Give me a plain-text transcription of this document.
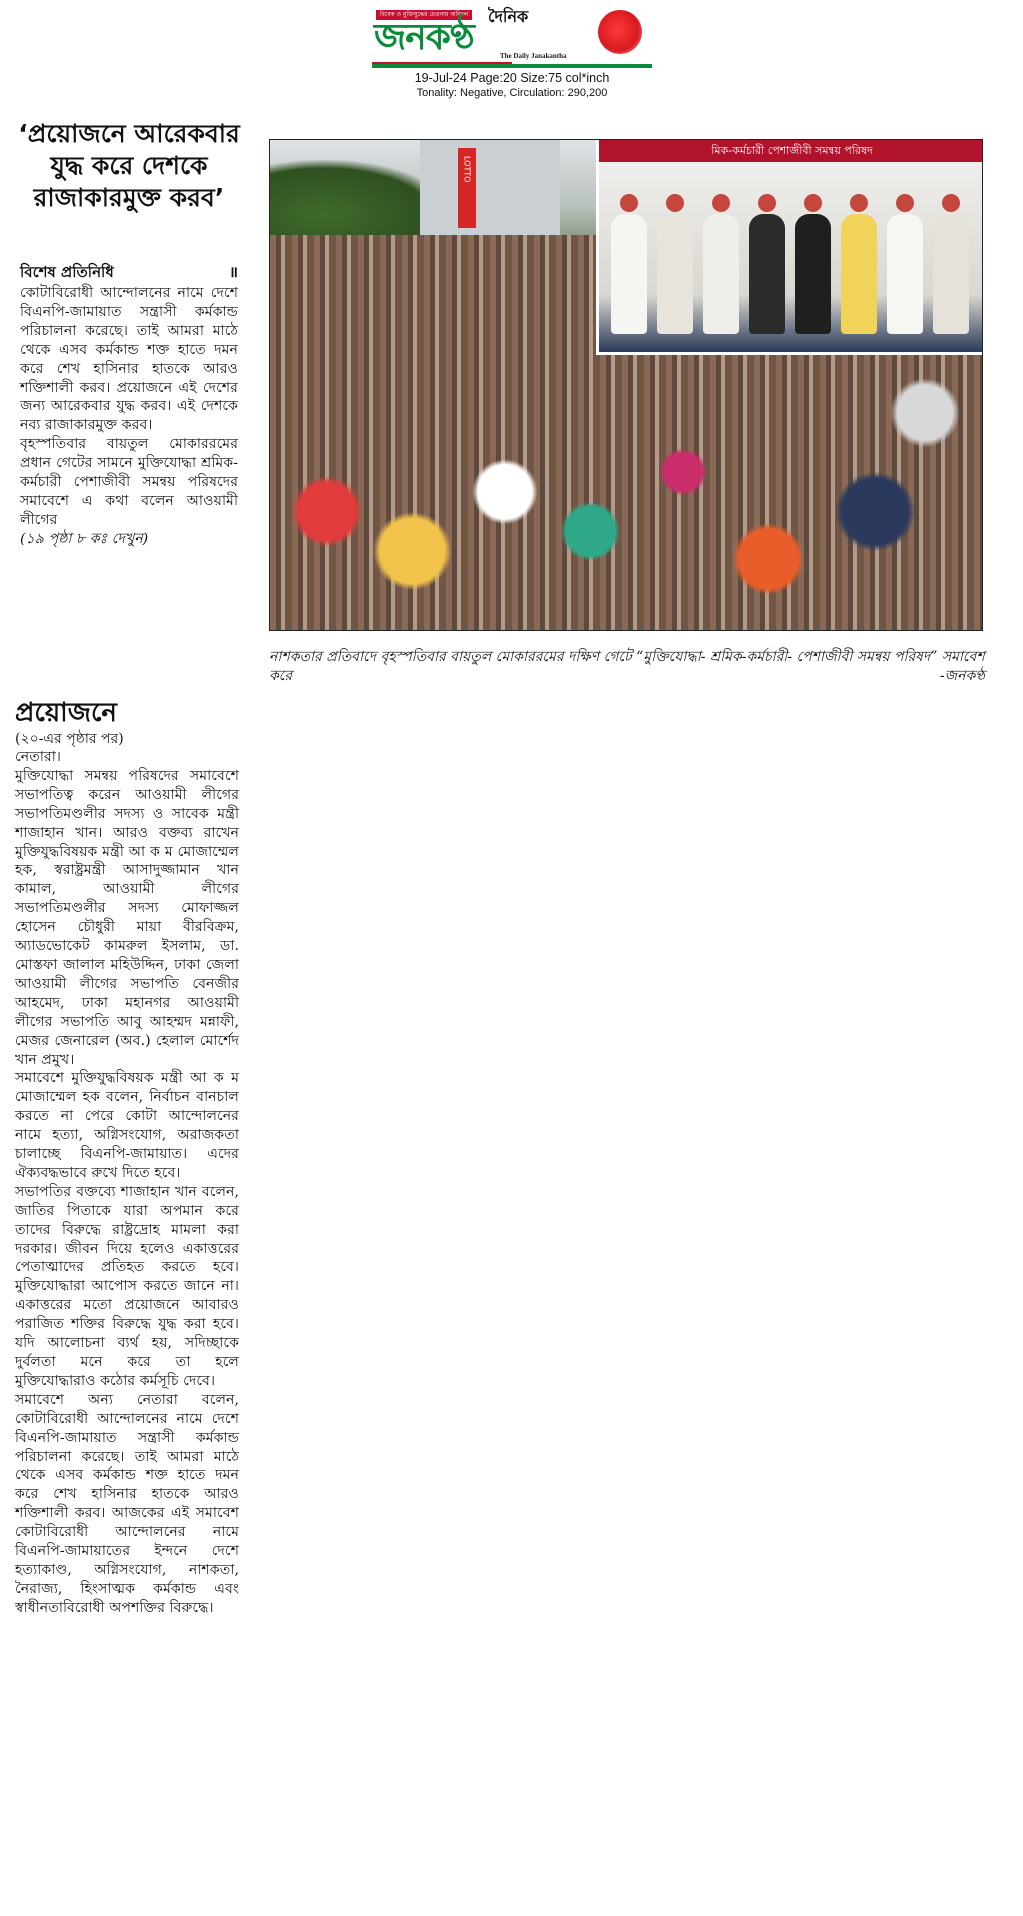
বিবেক ও মুক্তিযুদ্ধের চেতনায় অবিচল দৈনিক
জনকণ্ঠ	The Daily Janakantha
19-Jul-24 Page:20 Size:75 col*inch
Tonality: Negative, Circulation: 290,200
‘প্রয়োজনে আরেকবার যুদ্ধ করে দেশকে রাজাকারমুক্ত করব’
বিশেষ প্রতিনিধি	॥

কোটাবিরোধী আন্দোলনের নামে দেশে বিএনপি-জামায়াত সন্ত্রাসী কর্মকান্ড পরিচালনা করেছে। তাই আমরা মাঠে থেকে এসব কর্মকান্ড শক্ত হাতে দমন করে শেখ হাসিনার হাতকে আরও শক্তিশালী করব। প্রয়োজনে এই দেশের জন্য আরেকবার যুদ্ধ করব। এই দেশকে নব্য রাজাকারমুক্ত করব।

বৃহস্পতিবার বায়তুল মোকাররমের প্রধান গেটের সামনে মুক্তিযোদ্ধা শ্রমিক-কর্মচারী পেশাজীবী সমন্বয় পরিষদের সমাবেশে এ কথা বলেন আওয়ামী লীগের

(১৯ পৃষ্ঠা ৮ কঃ দেখুন)

প্রয়োজনে
(২০-এর পৃষ্ঠার পর)

নেতারা।

মুক্তিযোদ্ধা সমন্বয় পরিষদের সমাবেশে সভাপতিত্ব করেন আওয়ামী লীগের সভাপতিমণ্ডলীর সদস্য ও সাবেক মন্ত্রী শাজাহান খান। আরও বক্তব্য রাখেন মুক্তিযুদ্ধবিষয়ক মন্ত্রী আ ক ম মোজাম্মেল হক, স্বরাষ্ট্রমন্ত্রী আসাদুজ্জামান খান কামাল, আওয়ামী লীগের সভাপতিমণ্ডলীর সদস্য মোফাজ্জল হোসেন চৌধুরী মায়া বীরবিক্রম, অ্যাডভোকেট কামরুল ইসলাম, ডা. মোস্তফা জালাল মহিউদ্দিন, ঢাকা জেলা আওয়ামী লীগের সভাপতি বেনজীর আহমেদ, ঢাকা মহানগর আওয়ামী লীগের সভাপতি আবু আহম্মদ মন্নাফী, মেজর জেনারেল (অব.) হেলাল মোর্শেদ খান প্রমুখ।

সমাবেশে মুক্তিযুদ্ধবিষয়ক মন্ত্রী আ ক ম মোজাম্মেল হক বলেন, নির্বাচন বানচাল করতে না পেরে কোটা আন্দোলনের নামে হত্যা, অগ্নিসংযোগ, অরাজকতা চালাচ্ছে বিএনপি-জামায়াত। এদের ঐক্যবদ্ধভাবে রুখে দিতে হবে।

সভাপতির বক্তব্যে শাজাহান খান বলেন, জাতির পিতাকে যারা অপমান করে তাদের বিরুদ্ধে রাষ্ট্রদ্রোহ মামলা করা দরকার। জীবন দিয়ে হলেও একাত্তরের পেতাত্মাদের প্রতিহত করতে হবে। মুক্তিযোদ্ধারা আপোস করতে জানে না। একাত্তরের মতো প্রয়োজনে আবারও পরাজিত শক্তির বিরুদ্ধে যুদ্ধ করা হবে। যদি আলোচনা ব্যর্থ হয়, সদিচ্ছাকে দুর্বলতা মনে করে তা হলে মুক্তিযোদ্ধারাও কঠোর কর্মসূচি দেবে।

সমাবেশে অন্য নেতারা বলেন, কোটাবিরোধী আন্দোলনের নামে দেশে বিএনপি-জামায়াত সন্ত্রাসী কর্মকান্ড পরিচালনা করেছে। তাই আমরা মাঠে থেকে এসব কর্মকান্ড শক্ত হাতে দমন করে শেখ হাসিনার হাতকে আরও শক্তিশালী করব। আজকের এই সমাবেশ কোটাবিরোধী আন্দোলনের নামে বিএনপি-জামায়াতের ইন্দনে দেশে হত্যাকাণ্ড, অগ্নিসংযোগ, নাশকতা, নৈরাজ্য, হিংসাত্মক কর্মকান্ড এবং স্বাধীনতাবিরোধী অপশক্তির বিরুদ্ধে।

LOTTO
মিক-কর্মচারী পেশাজীবী সমন্বয় পরিষদ
নাশকতার প্রতিবাদে বৃহস্পতিবার বায়তুল মোকাররমের দক্ষিণ গেটে “মুক্তিযোদ্ধা- শ্রমিক-কর্মচারী- পেশাজীবী সমন্বয় পরিষদ” সমাবেশ করে	-জনকণ্ঠ
